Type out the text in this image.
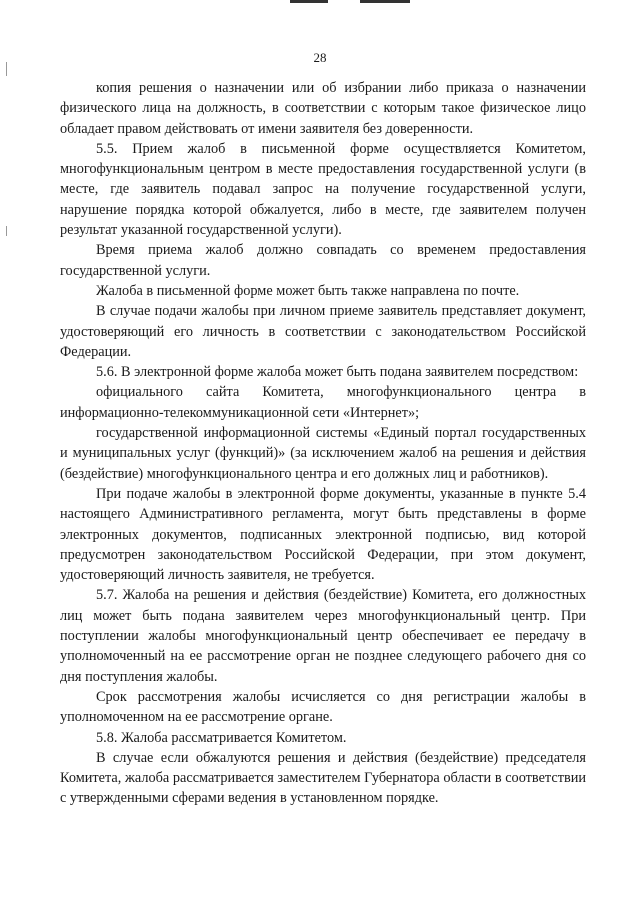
28

копия решения о назначении или об избрании либо приказа о назначении физического лица на должность, в соответствии с которым такое физическое лицо обладает правом действовать от имени заявителя без доверенности.

5.5. Прием жалоб в письменной форме осуществляется Комитетом, многофункциональным центром в месте предоставления государственной услуги (в месте, где заявитель подавал запрос на получение государственной услуги, нарушение порядка которой обжалуется, либо в месте, где заявителем получен результат указанной государственной услуги).

Время приема жалоб должно совпадать со временем предоставления государственной услуги.

Жалоба в письменной форме может быть также направлена по почте.

В случае подачи жалобы при личном приеме заявитель представляет документ, удостоверяющий его личность в соответствии с законодательством Российской Федерации.

5.6. В электронной форме жалоба может быть подана заявителем посредством:

официального сайта Комитета, многофункционального центра в информационно-телекоммуникационной сети «Интернет»;

государственной информационной системы «Единый портал государственных и муниципальных услуг (функций)» (за исключением жалоб на решения и действия (бездействие) многофункционального центра и его должных лиц и работников).

При подаче жалобы в электронной форме документы, указанные в пункте 5.4 настоящего Административного регламента, могут быть представлены в форме электронных документов, подписанных электронной подписью, вид которой предусмотрен законодательством Российской Федерации, при этом документ, удостоверяющий личность заявителя, не требуется.

5.7. Жалоба на решения и действия (бездействие) Комитета, его должностных лиц может быть подана заявителем через многофункциональный центр. При поступлении жалобы многофункциональный центр обеспечивает ее передачу в уполномоченный на ее рассмотрение орган не позднее следующего рабочего дня со дня поступления жалобы.

Срок рассмотрения жалобы исчисляется со дня регистрации жалобы в уполномоченном на ее рассмотрение органе.

5.8. Жалоба рассматривается Комитетом.

В случае если обжалуются решения и действия (бездействие) председателя Комитета, жалоба рассматривается заместителем Губернатора области в соответствии с утвержденными сферами ведения в установленном порядке.
